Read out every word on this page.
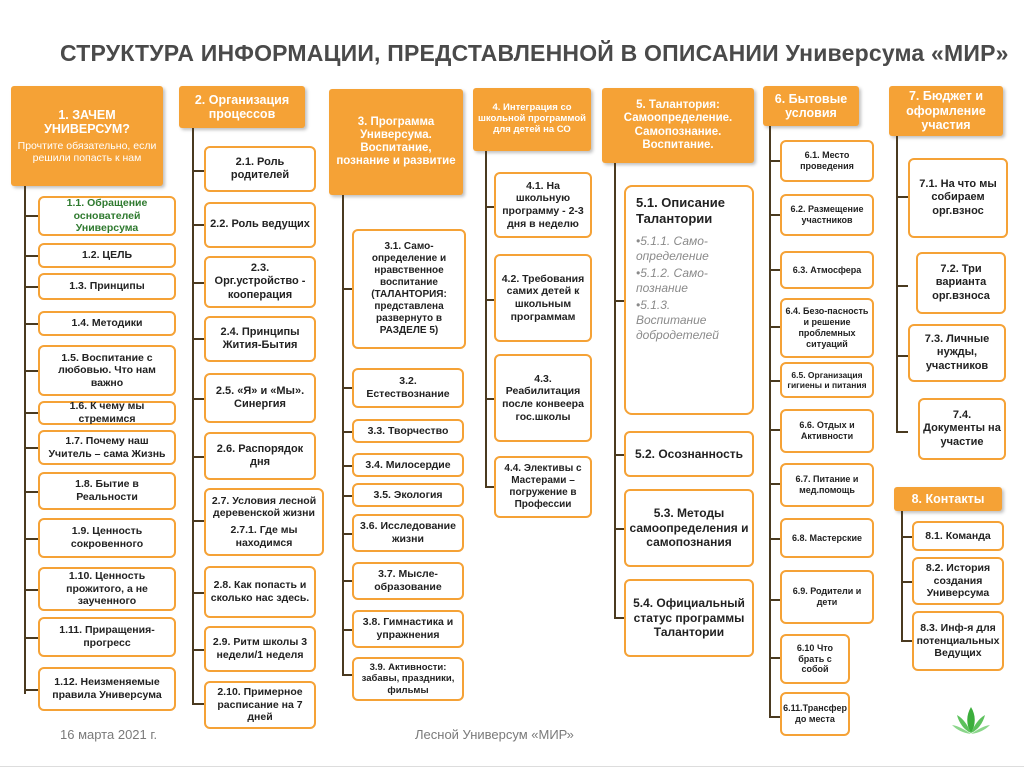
СТРУКТУРА ИНФОРМАЦИИ, ПРЕДСТАВЛЕННОЙ В ОПИСАНИИ Универсума «МИР»
1. ЗАЧЕМ УНИВЕРСУМ?
Прочтите обязательно, если решили попасть к нам
1.1. Обращение основателей Универсума
1.2. ЦЕЛЬ
1.3. Принципы
1.4. Методики
1.5. Воспитание с любовью. Что нам важно
1.6. К чему мы стремимся
1.7. Почему наш Учитель – сама Жизнь
1.8. Бытие в Реальности
1.9. Ценность сокровенного
1.10. Ценность прожитого, а не заученного
1.11. Приращения-прогресс
1.12. Неизменяемые правила Универсума
2. Организация процессов
2.1. Роль родителей
2.2. Роль ведущих
2.3. Орг.устройство - кооперация
2.4. Принципы Жития-Бытия
2.5. «Я» и «Мы». Синергия
2.6. Распорядок дня
2.7. Условия лесной деревенской жизни
2.7.1. Где мы находимся
2.8. Как попасть и сколько нас здесь.
2.9. Ритм школы 3 недели/1 неделя
2.10. Примерное расписание на 7 дней
3. Программа Универсума. Воспитание, познание и развитие
3.1. Само-определение и нравственное воспитание (ТАЛАНТОРИЯ: представлена развернуто в РАЗДЕЛЕ 5)
3.2. Естествознание
3.3. Творчество
3.4. Милосердие
3.5. Экология
3.6. Исследование жизни
3.7. Мысле-образование
3.8. Гимнастика и упражнения
3.9. Активности: забавы, праздники, фильмы
4. Интеграция со школьной программой для детей на СО
4.1. На школьную программу - 2-3 дня в неделю
4.2. Требования самих детей к школьным программам
4.3. Реабилитация после конвеера гос.школы
4.4. Элективы с Мастерами – погружение в Профессии
5. Талантория: Самоопределение. Самопознание. Воспитание.
5.1. Описание Талантории
•5.1.1. Само-определение
•5.1.2. Само-познание
•5.1.3. Воспитание добродетелей
5.2. Осознанность
5.3. Методы самоопределения и самопознания
5.4. Официальный статус программы Талантории
6. Бытовые условия
6.1. Место проведения
6.2. Размещение участников
6.3. Атмосфера
6.4. Безо-пасность и решение проблемных ситуаций
6.5. Организация гигиены и питания
6.6. Отдых и Активности
6.7. Питание и мед.помощь
6.8. Мастерские
6.9. Родители и дети
6.10 Что брать с собой
6.11.Трансфер до места
7. Бюджет и оформление участия
7.1. На что мы собираем орг.взнос
7.2. Три варианта орг.взноса
7.3. Личные нужды, участников
7.4. Документы на участие
8. Контакты
8.1. Команда
8.2. История создания Универсума
8.3. Инф-я для потенциальных Ведущих
16 марта 2021 г.	Лесной Универсум «МИР»
